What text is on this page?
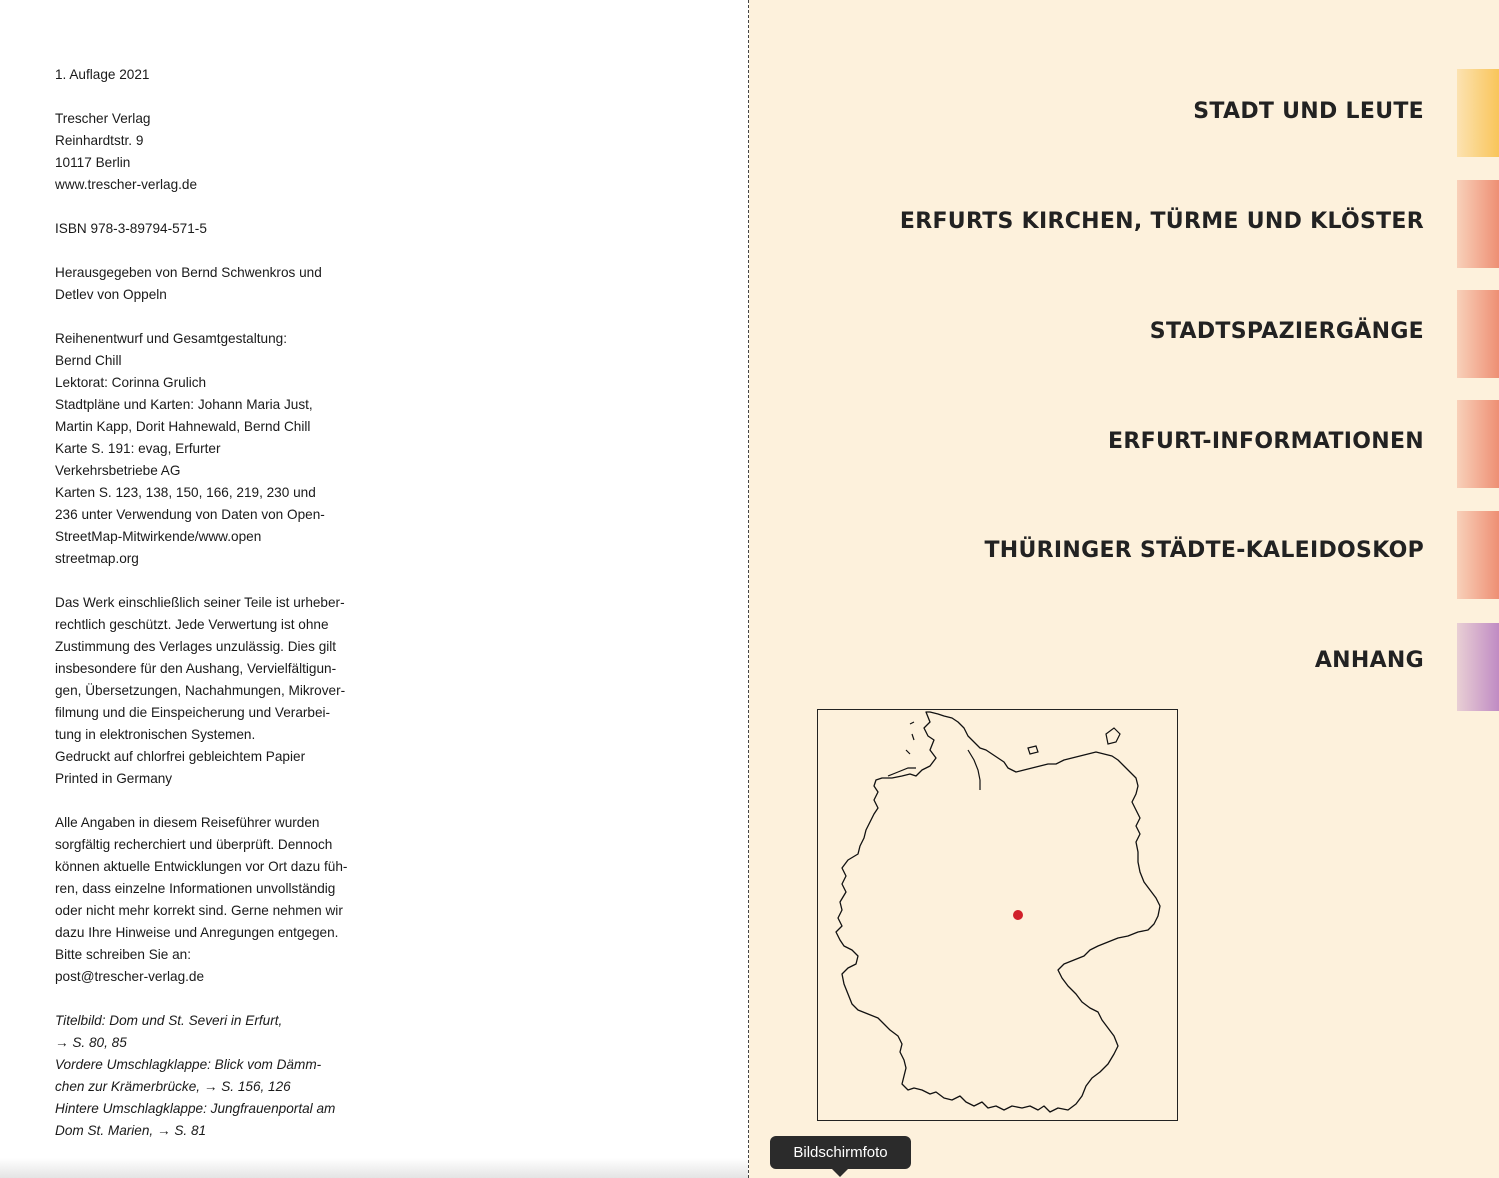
1. Auflage 2021

Trescher Verlag
Reinhardtstr. 9
10117 Berlin
www.trescher-verlag.de

ISBN 978-3-89794-571-5

Herausgegeben von Bernd Schwenkros und
Detlev von Oppeln

Reihenentwurf und Gesamtgestaltung:
Bernd Chill
Lektorat: Corinna Grulich
Stadtpläne und Karten: Johann Maria Just,
Martin Kapp, Dorit Hahnewald, Bernd Chill
Karte S. 191: evag, Erfurter
Verkehrsbetriebe AG
Karten S. 123, 138, 150, 166, 219, 230 und
236 unter Verwendung von Daten von Open-
StreetMap-Mitwirkende/www.open
streetmap.org

Das Werk einschließlich seiner Teile ist urheber-
rechtlich geschützt. Jede Verwertung ist ohne
Zustimmung des Verlages unzulässig. Dies gilt
insbesondere für den Aushang, Vervielfältigun-
gen, Übersetzungen, Nachahmungen, Mikrover-
filmung und die Einspeicherung und Verarbei-
tung in elektronischen Systemen.
Gedruckt auf chlorfrei gebleichtem Papier
Printed in Germany

Alle Angaben in diesem Reiseführer wurden
sorgfältig recherchiert und überprüft. Dennoch
können aktuelle Entwicklungen vor Ort dazu füh-
ren, dass einzelne Informationen unvollständig
oder nicht mehr korrekt sind. Gerne nehmen wir
dazu Ihre Hinweise und Anregungen entgegen.
Bitte schreiben Sie an:
post@trescher-verlag.de

Titelbild: Dom und St. Severi in Erfurt,
→ S. 80, 85
Vordere Umschlagklappe: Blick vom Dämm-
chen zur Krämerbrücke, → S. 156, 126
Hintere Umschlagklappe: Jungfrauenportal am
Dom St. Marien, → S. 81

STADT UND LEUTE
ERFURTS KIRCHEN, TÜRME UND KLÖSTER
STADTSPAZIERGÄNGE
ERFURT-INFORMATIONEN
THÜRINGER STÄDTE-KALEIDOSKOP
ANHANG
Bildschirmfoto
